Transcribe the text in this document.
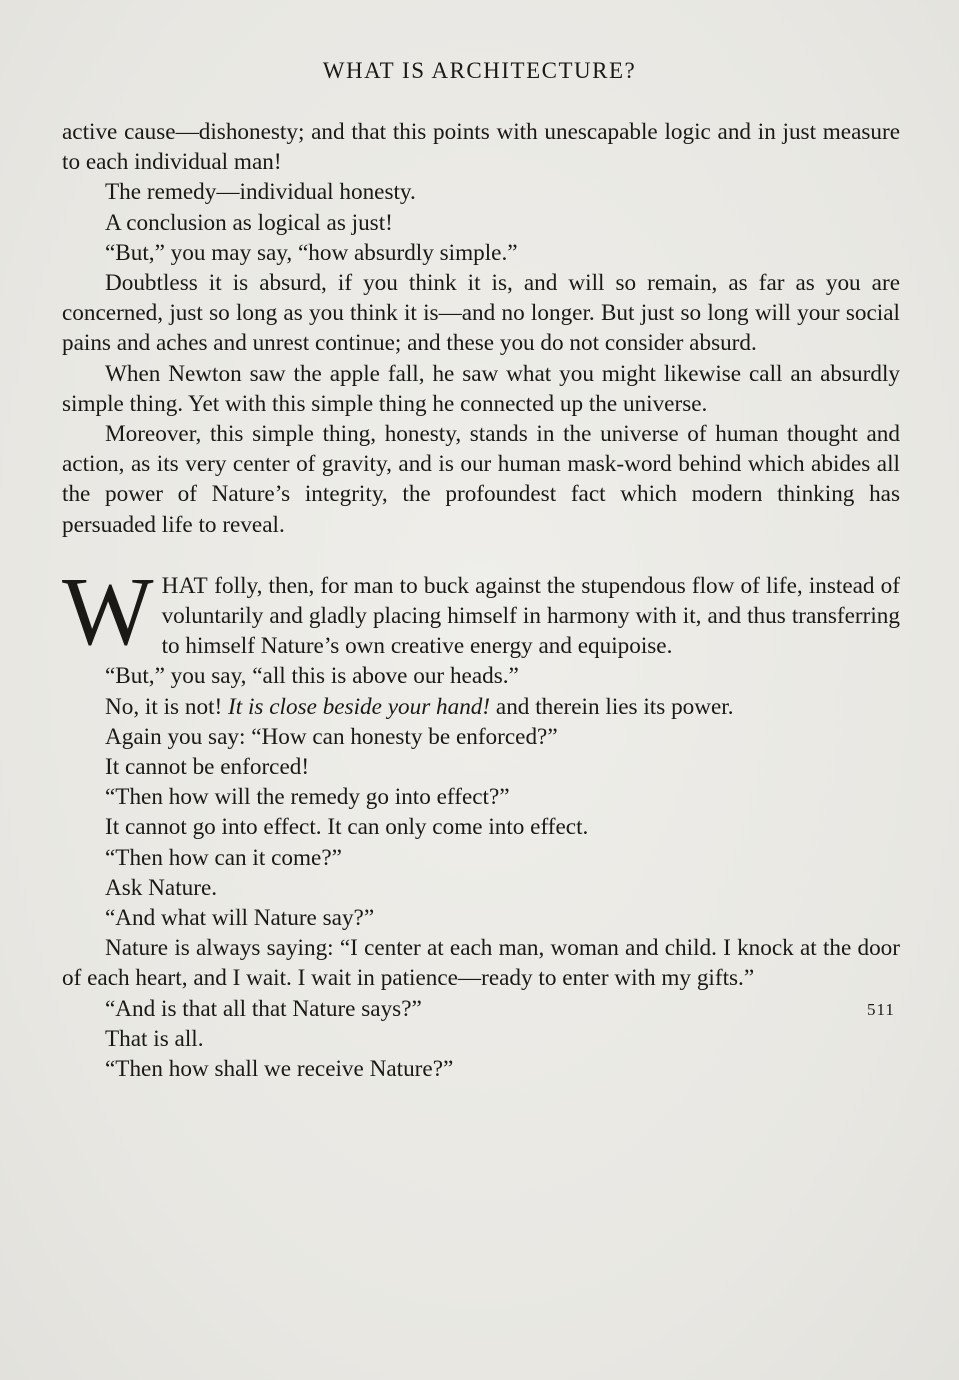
WHAT IS ARCHITECTURE?

active cause—dishonesty; and that this points with unescapable logic and in just measure to each individual man!

The remedy—individual honesty.

A conclusion as logical as just!

“But,” you may say, “how absurdly simple.”

Doubtless it is absurd, if you think it is, and will so remain, as far as you are concerned, just so long as you think it is—and no longer. But just so long will your social pains and aches and unrest continue; and these you do not consider absurd.

When Newton saw the apple fall, he saw what you might likewise call an absurdly simple thing. Yet with this simple thing he connected up the universe.

Moreover, this simple thing, honesty, stands in the universe of human thought and action, as its very center of gravity, and is our human mask-word behind which abides all the power of Nature’s integrity, the profoundest fact which modern thinking has persuaded life to reveal.

WHAT folly, then, for man to buck against the stupendous flow of life, instead of voluntarily and gladly placing himself in harmony with it, and thus transferring to himself Nature’s own creative energy and equipoise.

“But,” you say, “all this is above our heads.”

No, it is not! It is close beside your hand! and therein lies its power.

Again you say: “How can honesty be enforced?”

It cannot be enforced!

“Then how will the remedy go into effect?”

It cannot go into effect. It can only come into effect.

“Then how can it come?”

Ask Nature.

“And what will Nature say?”

Nature is always saying: “I center at each man, woman and child. I knock at the door of each heart, and I wait. I wait in patience—ready to enter with my gifts.”

“And is that all that Nature says?”

That is all.

“Then how shall we receive Nature?”

511
